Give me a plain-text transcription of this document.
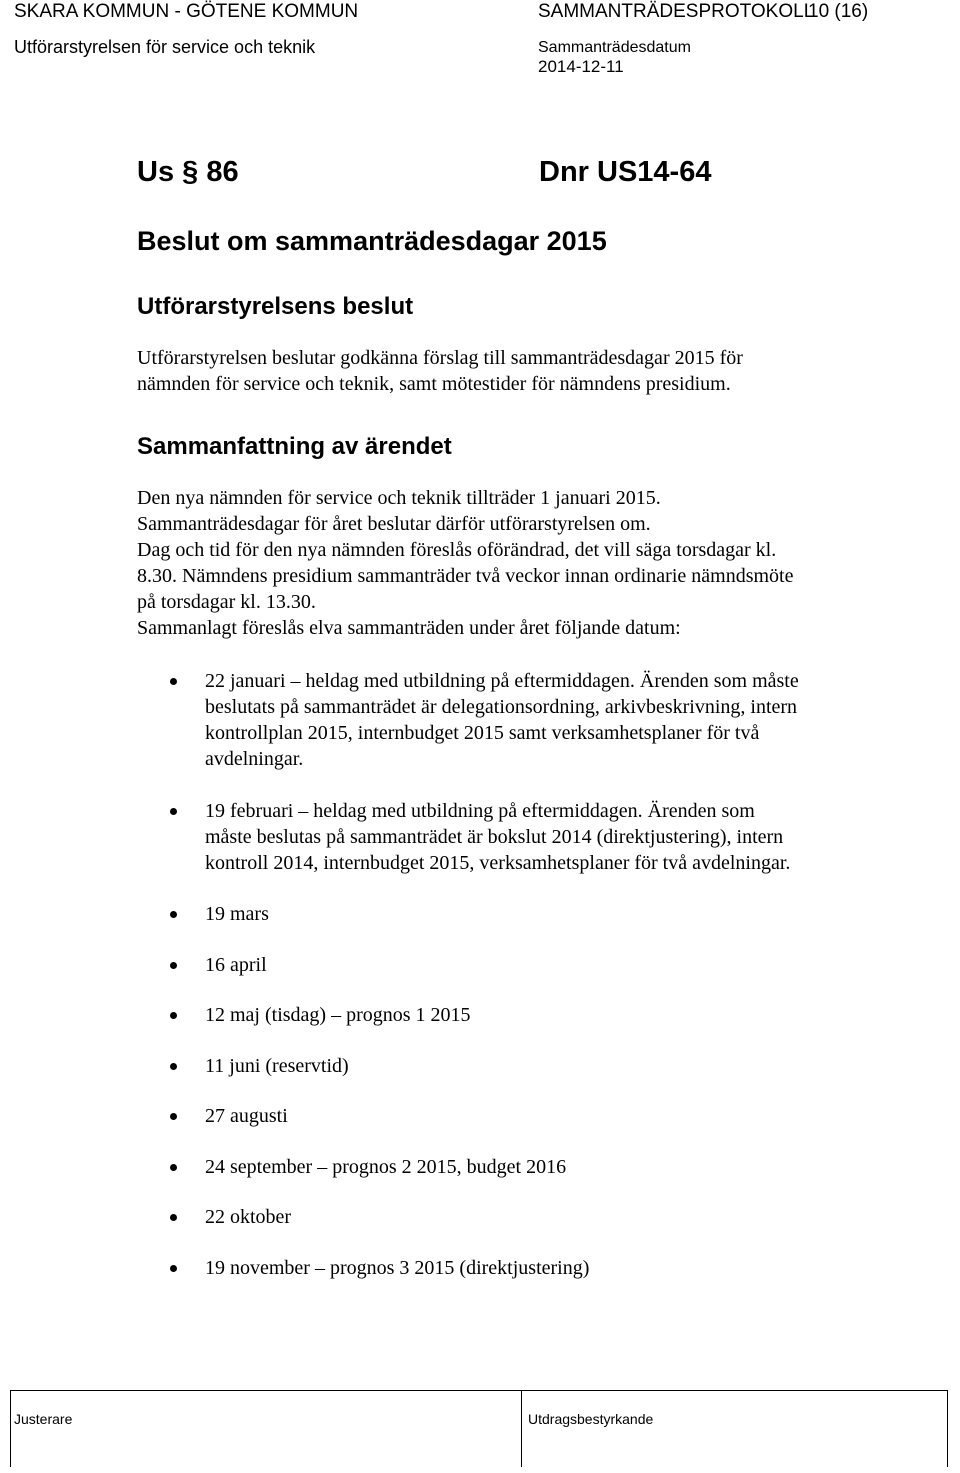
SKARA KOMMUN - GÖTENE KOMMUN
Utförarstyrelsen för service och teknik
SAMMANTRÄDESPROTOKOLL
10 (16)
Sammanträdesdatum
2014-12-11
Us § 86	Dnr US14-64
Beslut om sammanträdesdagar 2015
Utförarstyrelsens beslut

Utförarstyrelsen beslutar godkänna förslag till sammanträdesdagar 2015 för

nämnden för service och teknik, samt mötestider för nämndens presidium.

Sammanfattning av ärendet

Den nya nämnden för service och teknik tillträder 1 januari 2015.

Sammanträdesdagar för året beslutar därför utförarstyrelsen om.

Dag och tid för den nya nämnden föreslås oförändrad, det vill säga torsdagar kl.

8.30. Nämndens presidium sammanträder två veckor innan ordinarie nämndsmöte

på torsdagar kl. 13.30.

Sammanlagt föreslås elva sammanträden under året följande datum:

22 januari – heldag med utbildning på eftermiddagen. Ärenden som måste
beslutats på sammanträdet är delegationsordning, arkivbeskrivning, intern
kontrollplan 2015, internbudget 2015 samt verksamhetsplaner för två
avdelningar.
19 februari – heldag med utbildning på eftermiddagen. Ärenden som
måste beslutas på sammanträdet är bokslut 2014 (direktjustering), intern
kontroll 2014, internbudget 2015, verksamhetsplaner för två avdelningar.
19 mars
16 april
12 maj (tisdag) – prognos 1 2015
11 juni (reservtid)
27 augusti
24 september – prognos 2 2015, budget 2016
22 oktober
19 november – prognos 3 2015 (direktjustering)
Justerare	Utdragsbestyrkande
